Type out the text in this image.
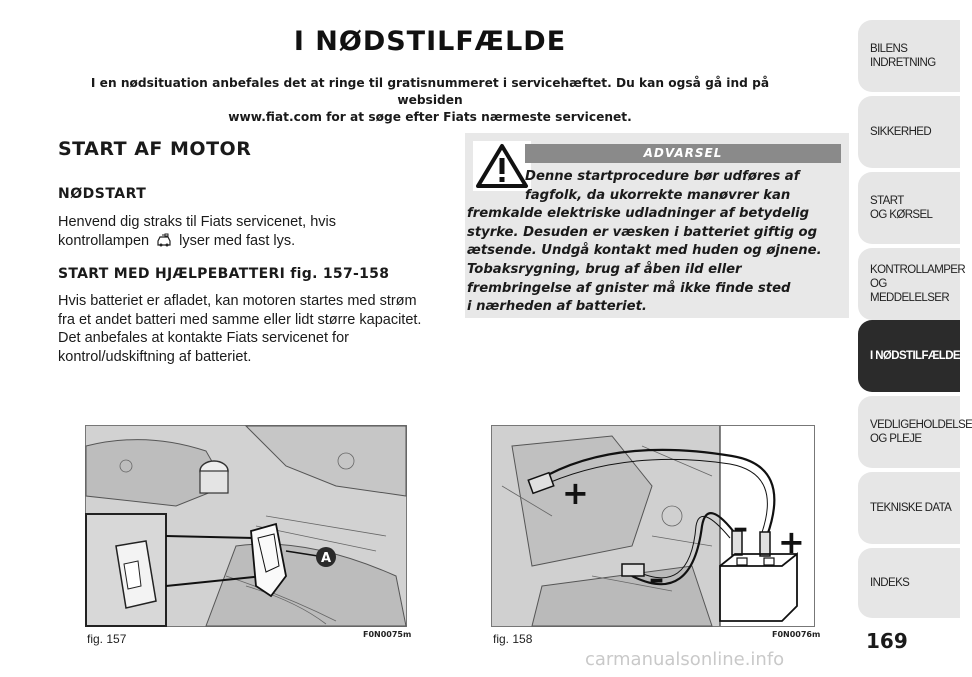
I NØDSTILFÆLDE
I en nødsituation anbefales det at ringe til gratisnummeret i servicehæftet. Du kan også gå ind på websiden
www.fiat.com for at søge efter Fiats nærmeste servicenet.
START AF MOTOR
NØDSTART
Henvend dig straks til Fiats servicenet, hvis
kontrollampen lyser med fast lys.
START MED HJÆLPEBATTERI fig. 157-158
Hvis batteriet er afladet, kan motoren startes med strøm
fra et andet batteri med samme eller lidt større kapacitet.
Det anbefales at kontakte Fiats servicenet for
kontrol/udskiftning af batteriet.
ADVARSEL
Denne startprocedure bør udføres af
fagfolk, da ukorrekte manøvrer kan
fremkalde elektriske udladninger af betydelig
styrke. Desuden er væsken i batteriet giftig og
ætsende. Undgå kontakt med huden og øjnene.
Tobaksrygning, brug af åben ild eller
frembringelse af gnister må ikke finde sted
i nærheden af batteriet.
A
fig. 157	F0N0075m
+
+
–
–
fig. 158	F0N0076m
BILENS
INDRETNING
SIKKERHED
START
OG KØRSEL
KONTROLLAMPER
OG MEDDELELSER
I NØDSTILFÆLDE
VEDLIGEHOLDELSE
OG PLEJE
TEKNISKE DATA
INDEKS
169
carmanualsonline.info
